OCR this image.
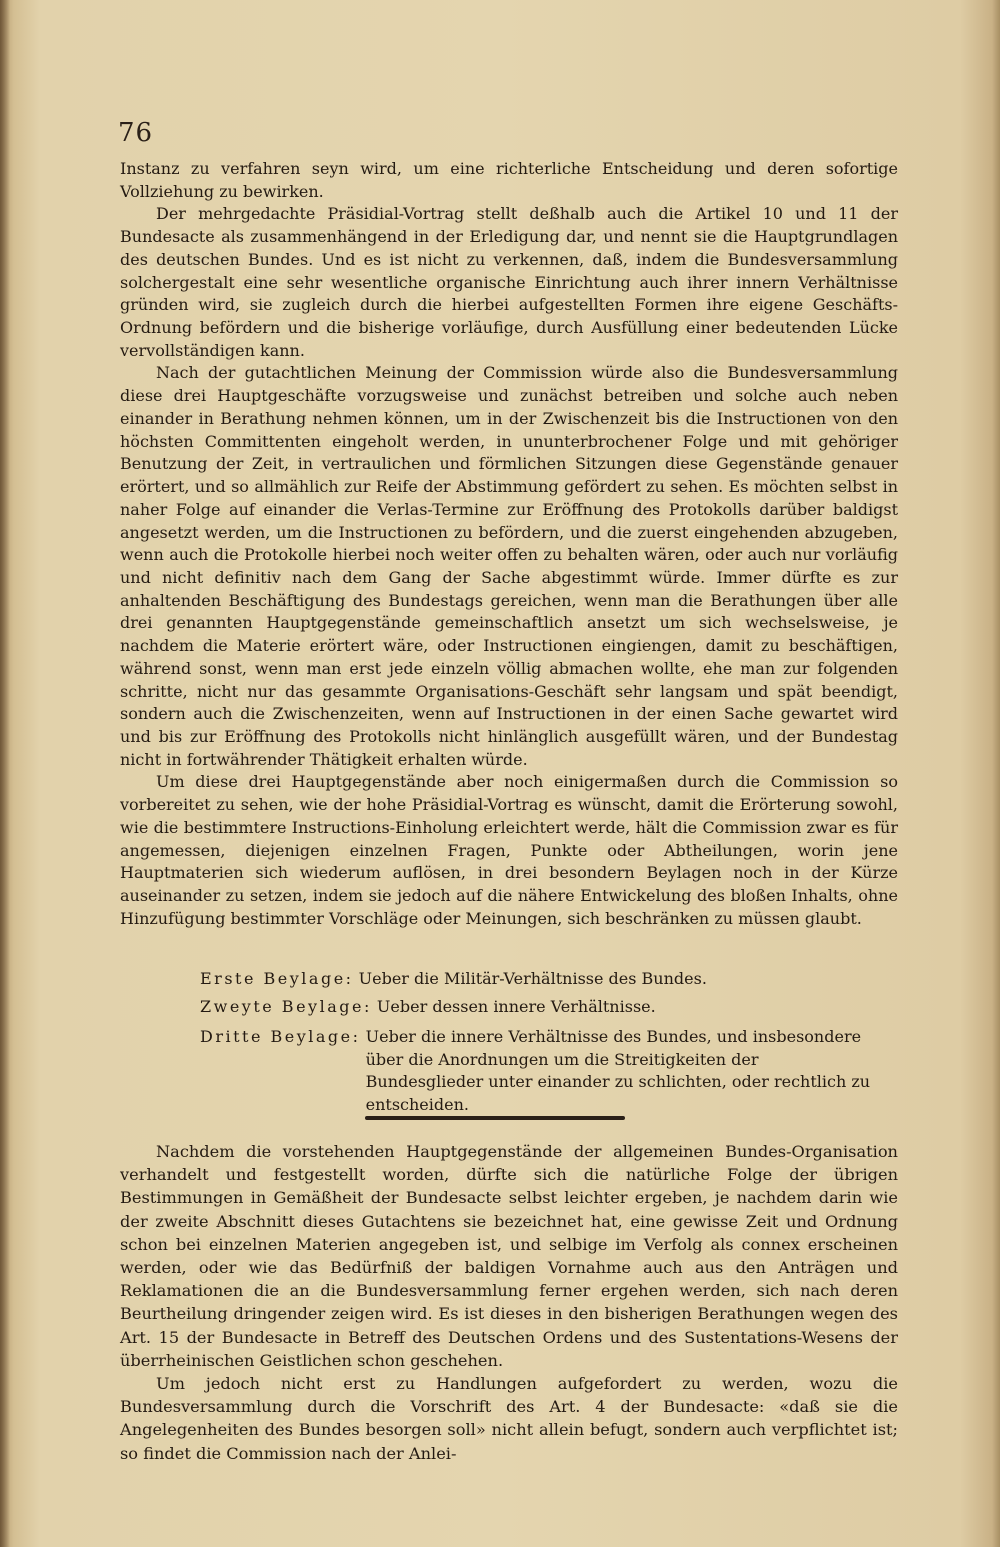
76

Instanz zu verfahren seyn wird, um eine richterliche Entscheidung und deren sofortige Vollziehung zu bewirken.

Der mehrgedachte Präsidial-Vortrag stellt deßhalb auch die Artikel 10 und 11 der Bundesacte als zusammenhängend in der Erledigung dar, und nennt sie die Hauptgrundlagen des deutschen Bundes. Und es ist nicht zu verkennen, daß, indem die Bundesversammlung solchergestalt eine sehr wesentliche organische Einrichtung auch ihrer innern Verhältnisse gründen wird, sie zugleich durch die hierbei aufgestellten Formen ihre eigene Geschäfts-Ordnung befördern und die bisherige vorläufige, durch Ausfüllung einer bedeutenden Lücke vervollständigen kann.

Nach der gutachtlichen Meinung der Commission würde also die Bundesversammlung diese drei Hauptgeschäfte vorzugsweise und zunächst betreiben und solche auch neben einander in Berathung nehmen können, um in der Zwischenzeit bis die Instructionen von den höchsten Committenten eingeholt werden, in ununterbrochener Folge und mit gehöriger Benutzung der Zeit, in vertraulichen und förmlichen Sitzungen diese Gegenstände genauer erörtert, und so allmählich zur Reife der Abstimmung gefördert zu sehen. Es möchten selbst in naher Folge auf einander die Verlas-Termine zur Eröffnung des Protokolls darüber baldigst angesetzt werden, um die Instructionen zu befördern, und die zuerst eingehenden abzugeben, wenn auch die Protokolle hierbei noch weiter offen zu behalten wären, oder auch nur vorläufig und nicht definitiv nach dem Gang der Sache abgestimmt würde. Immer dürfte es zur anhaltenden Beschäftigung des Bundestags gereichen, wenn man die Berathungen über alle drei genannten Hauptgegenstände gemeinschaftlich ansetzt um sich wechselsweise, je nachdem die Materie erörtert wäre, oder Instructionen eingiengen, damit zu beschäftigen, während sonst, wenn man erst jede einzeln völlig abmachen wollte, ehe man zur folgenden schritte, nicht nur das gesammte Organisations-Geschäft sehr langsam und spät beendigt, sondern auch die Zwischenzeiten, wenn auf Instructionen in der einen Sache gewartet wird und bis zur Eröffnung des Protokolls nicht hinlänglich ausgefüllt wären, und der Bundestag nicht in fortwährender Thätigkeit erhalten würde.

Um diese drei Hauptgegenstände aber noch einigermaßen durch die Commission so vorbereitet zu sehen, wie der hohe Präsidial-Vortrag es wünscht, damit die Erörterung sowohl, wie die bestimmtere Instructions-Einholung erleichtert werde, hält die Commission zwar es für angemessen, diejenigen einzelnen Fragen, Punkte oder Abtheilungen, worin jene Hauptmaterien sich wiederum auflösen, in drei besondern Beylagen noch in der Kürze auseinander zu setzen, indem sie jedoch auf die nähere Entwickelung des bloßen Inhalts, ohne Hinzufügung bestimmter Vorschläge oder Meinungen, sich beschränken zu müssen glaubt.

Erste Beylage: Ueber die Militär-Verhältnisse des Bundes.
Zweyte Beylage: Ueber dessen innere Verhältnisse.
Dritte Beylage: Ueber die innere Verhältnisse des Bundes, und insbesondere über die Anordnungen um die Streitigkeiten der Bundesglieder unter einander zu schlichten, oder rechtlich zu entscheiden.

Nachdem die vorstehenden Hauptgegenstände der allgemeinen Bundes-Organisation verhandelt und festgestellt worden, dürfte sich die natürliche Folge der übrigen Bestimmungen in Gemäßheit der Bundesacte selbst leichter ergeben, je nachdem darin wie der zweite Abschnitt dieses Gutachtens sie bezeichnet hat, eine gewisse Zeit und Ordnung schon bei einzelnen Materien angegeben ist, und selbige im Verfolg als connex erscheinen werden, oder wie das Bedürfniß der baldigen Vornahme auch aus den Anträgen und Reklamationen die an die Bundesversammlung ferner ergehen werden, sich nach deren Beurtheilung dringender zeigen wird. Es ist dieses in den bisherigen Berathungen wegen des Art. 15 der Bundesacte in Betreff des Deutschen Ordens und des Sustentations-Wesens der überrheinischen Geistlichen schon geschehen.

Um jedoch nicht erst zu Handlungen aufgefordert zu werden, wozu die Bundesversammlung durch die Vorschrift des Art. 4 der Bundesacte: «daß sie die Angelegenheiten des Bundes besorgen soll» nicht allein befugt, sondern auch verpflichtet ist; so findet die Commission nach der Anlei-
